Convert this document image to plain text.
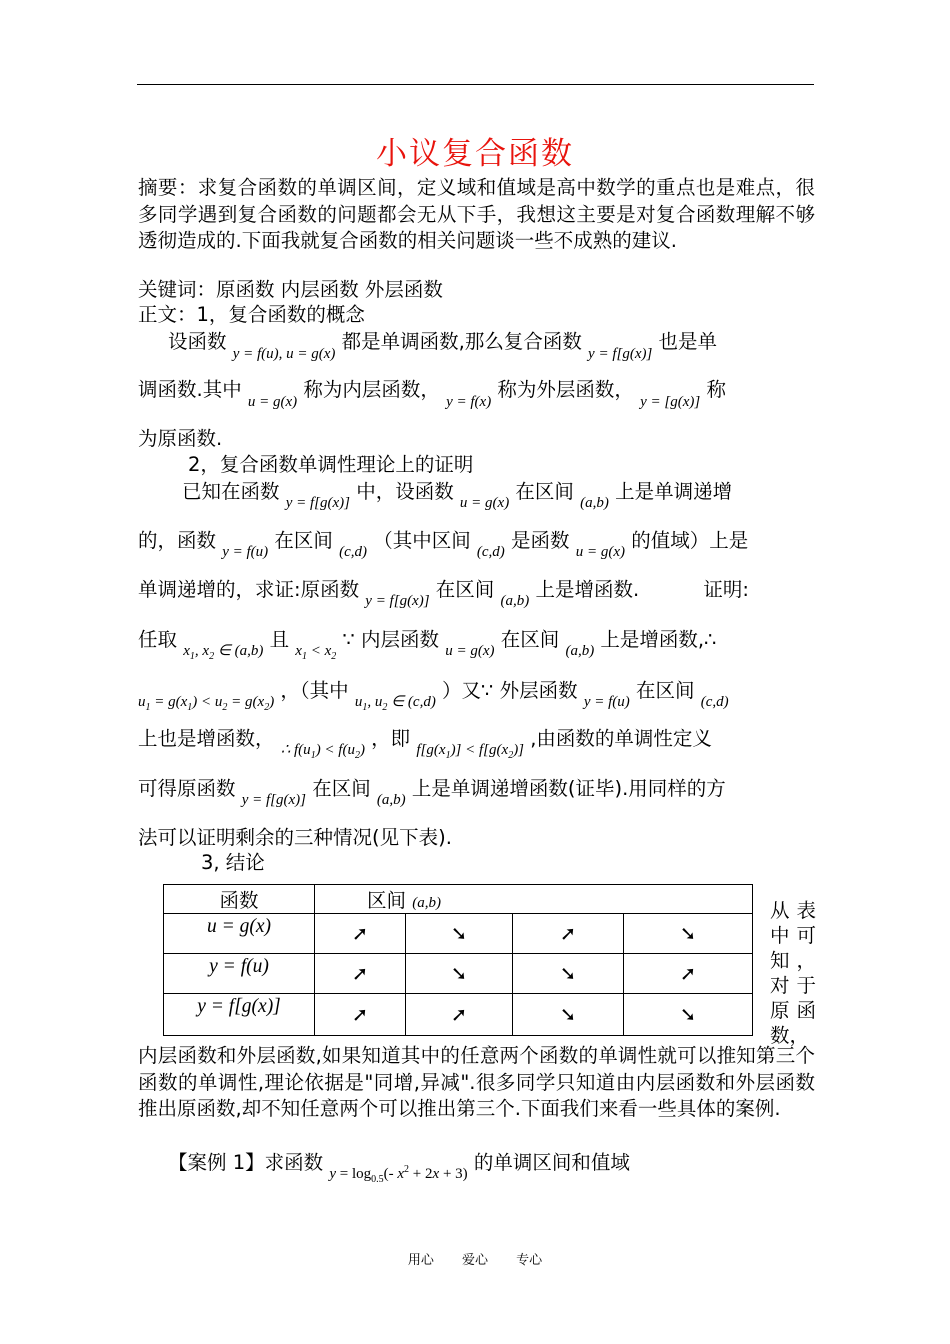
小议复合函数

摘要：求复合函数的单调区间，定义域和值域是高中数学的重点也是难点，很多同学遇到复合函数的问题都会无从下手，我想这主要是对复合函数理解不够透彻造成的.下面我就复合函数的相关问题谈一些不成熟的建议.

关键词：原函数 内层函数 外层函数
正文：1，复合函数的概念
设函数 $_{y = f(u), u = g(x)}$ 都是单调函数,那么复合函数 $_{y = f[g(x)]}$ 也是单
调函数.其中 $_{u = g(x)}$ 称为内层函数， $_{y = f(x)}$ 称为外层函数， $_{y = [g(x)]}$ 称
为原函数.
2，复合函数单调性理论上的证明
已知在函数 $_{y = f[g(x)]}$ 中，设函数 $_{u = g(x)}$ 在区间 $_{(a,b)}$ 上是单调递增
的，函数 $_{y = f(u)}$ 在区间 $_{(c,d)}$ （其中区间 $_{(c,d)}$ 是函数 $_{u = g(x)}$ 的值域）上是
单调递增的，求证:原函数 $_{y = f[g(x)]}$ 在区间 $_{(a,b)}$ 上是增函数.	证明:
任取 $_{x_1, x_2 \in (a,b)}$ 且 $_{x_1 < x_2}$ ∵ 内层函数 $_{u = g(x)}$ 在区间 $_{(a,b)}$ 上是增函数,∴
$_{u_1 = g(x_1) < u_2 = g(x_2)}$ ，（其中 $_{u_1, u_2 \in (c,d)}$ ）又∵ 外层函数 $_{y = f(u)}$ 在区间 $_{(c,d)}$
上也是增函数， $_{\therefore f(u_1) < f(u_2)}$ ，即 $_{f[g(x_1)] < f[g(x_2)]}$ ,由函数的单调性定义
可得原函数 $_{y = f[g(x)]}$ 在区间 $_{(a,b)}$ 上是单调递增函数(证毕).用同样的方
法可以证明剩余的三种情况(见下表).
3, 结论
函数	区间 (a,b)			
u = g(x)	➚	➘	➚	➘
y = f(u)	➚	➘	➘	➚
y = f[g(x)]	➚	➚	➘	➘
从表中可知，对于原函数，

内层函数和外层函数,如果知道其中的任意两个函数的单调性就可以推知第三个函数的单调性,理论依据是"同增,异减".很多同学只知道由内层函数和外层函数推出原函数,却不知任意两个可以推出第三个.下面我们来看一些具体的案例.

【案例 1】求函数 $_{y = log_{0.5}(- x^2 + 2x + 3)}$ 的单调区间和值域
用心 爱心 专心
